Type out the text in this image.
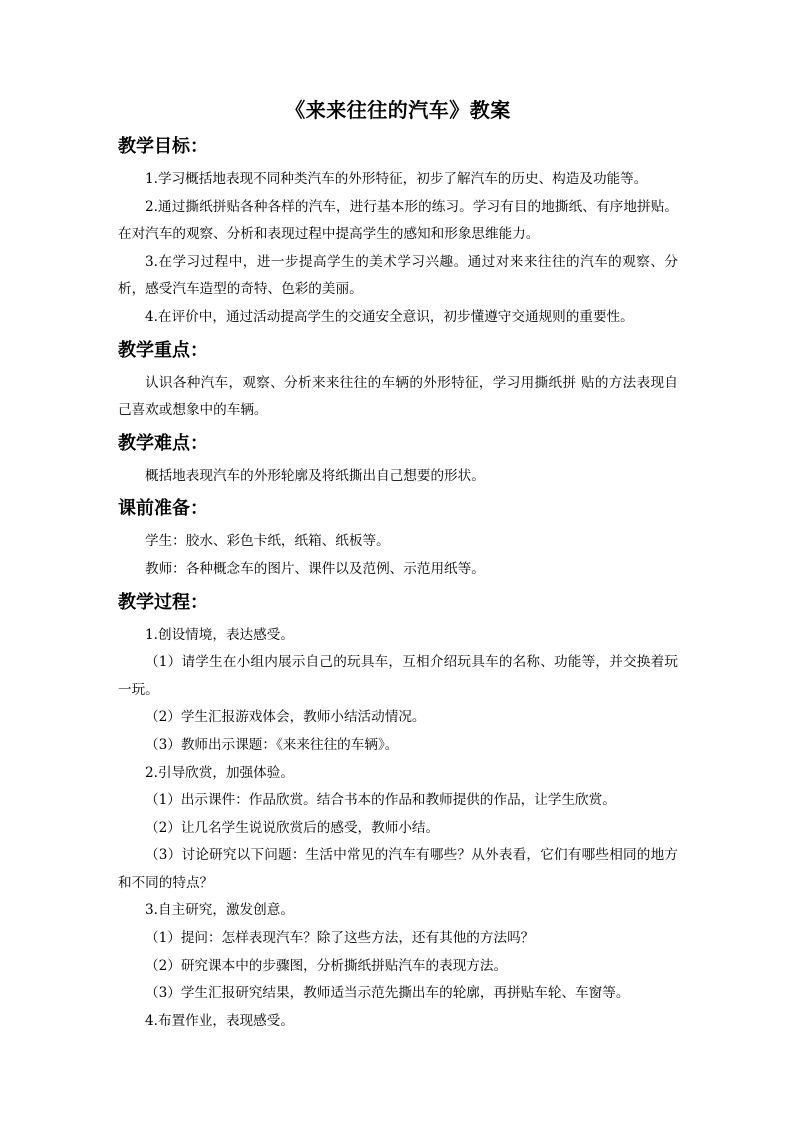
《来来往往的汽车》教案
教学目标：

1.学习概括地表现不同种类汽车的外形特征，初步了解汽车的历史、构造及功能等。

2.通过撕纸拼贴各种各样的汽车，进行基本形的练习。学习有目的地撕纸、有序地拼贴。在对汽车的观察、分析和表现过程中提高学生的感知和形象思维能力。

3.在学习过程中，进一步提高学生的美术学习兴趣。通过对来来往往的汽车的观察、分析，感受汽车造型的奇特、色彩的美丽。

4.在评价中，通过活动提高学生的交通安全意识，初步懂遵守交通规则的重要性。

教学重点：

认识各种汽车，观察、分析来来往往的车辆的外形特征，学习用撕纸拼 贴的方法表现自己喜欢或想象中的车辆。

教学难点：

概括地表现汽车的外形轮廓及将纸撕出自己想要的形状。

课前准备：

学生：胶水、彩色卡纸，纸箱、纸板等。

教师：各种概念车的图片、课件以及范例、示范用纸等。

教学过程：

1.创设情境，表达感受。

（1）请学生在小组内展示自己的玩具车，互相介绍玩具车的名称、功能等，并交换着玩一玩。

（2）学生汇报游戏体会，教师小结活动情况。

（3）教师出示课题：《来来往往的车辆》。

2.引导欣赏，加强体验。

（1）出示课件：作品欣赏。结合书本的作品和教师提供的作品，让学生欣赏。

（2）让几名学生说说欣赏后的感受，教师小结。

（3）讨论研究以下问题：生活中常见的汽车有哪些？从外表看，它们有哪些相同的地方和不同的特点？

3.自主研究，激发创意。

（1）提问：怎样表现汽车？除了这些方法，还有其他的方法吗？

（2）研究课本中的步骤图，分析撕纸拼贴汽车的表现方法。

（3）学生汇报研究结果，教师适当示范先撕出车的轮廓，再拼贴车轮、车窗等。

4.布置作业，表现感受。
